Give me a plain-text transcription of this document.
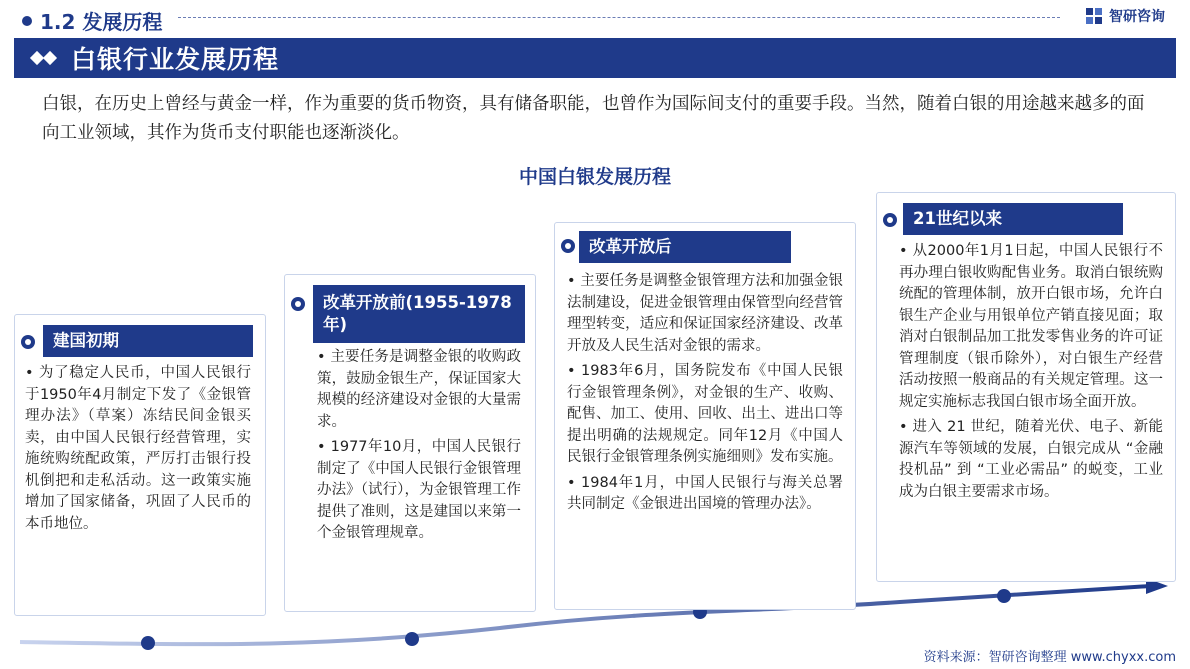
1.2 发展历程	智研咨询
白银行业发展历程
白银，在历史上曾经与黄金一样，作为重要的货币物资，具有储备职能，也曾作为国际间支付的重要手段。当然，随着白银的用途越来越多的面向工业领域，其作为货币支付职能也逐渐淡化。
中国白银发展历程
建国初期

• 为了稳定人民币，中国人民银行于1950年4月制定下发了《金银管理办法》（草案）冻结民间金银买卖，由中国人民银行经营管理，实施统购统配政策，严厉打击银行投机倒把和走私活动。这一政策实施增加了国家储备，巩固了人民币的本币地位。

改革开放前(1955-1978年)

• 主要任务是调整金银的收购政策，鼓励金银生产，保证国家大规模的经济建设对金银的大量需求。

• 1977年10月，中国人民银行制定了《中国人民银行金银管理办法》（试行），为金银管理工作提供了准则，这是建国以来第一个金银管理规章。

改革开放后

• 主要任务是调整金银管理方法和加强金银法制建设，促进金银管理由保管型向经营管理型转变，适应和保证国家经济建设、改革开放及人民生活对金银的需求。

• 1983年6月，国务院发布《中国人民银行金银管理条例》，对金银的生产、收购、配售、加工、使用、回收、出土、进出口等提出明确的法规规定。同年12月《中国人民银行金银管理条例实施细则》发布实施。

• 1984年1月，中国人民银行与海关总署共同制定《金银进出国境的管理办法》。

21世纪以来

• 从2000年1月1日起，中国人民银行不再办理白银收购配售业务。取消白银统购统配的管理体制，放开白银市场，允许白银生产企业与用银单位产销直接见面；取消对白银制品加工批发零售业务的许可证管理制度（银币除外），对白银生产经营活动按照一般商品的有关规定管理。这一规定实施标志我国白银市场全面开放。

• 进入 21 世纪，随着光伏、电子、新能源汽车等领域的发展，白银完成从 “金融投机品” 到 “工业必需品” 的蜕变，工业成为白银主要需求市场。

资料来源：智研咨询整理 www.chyxx.com
